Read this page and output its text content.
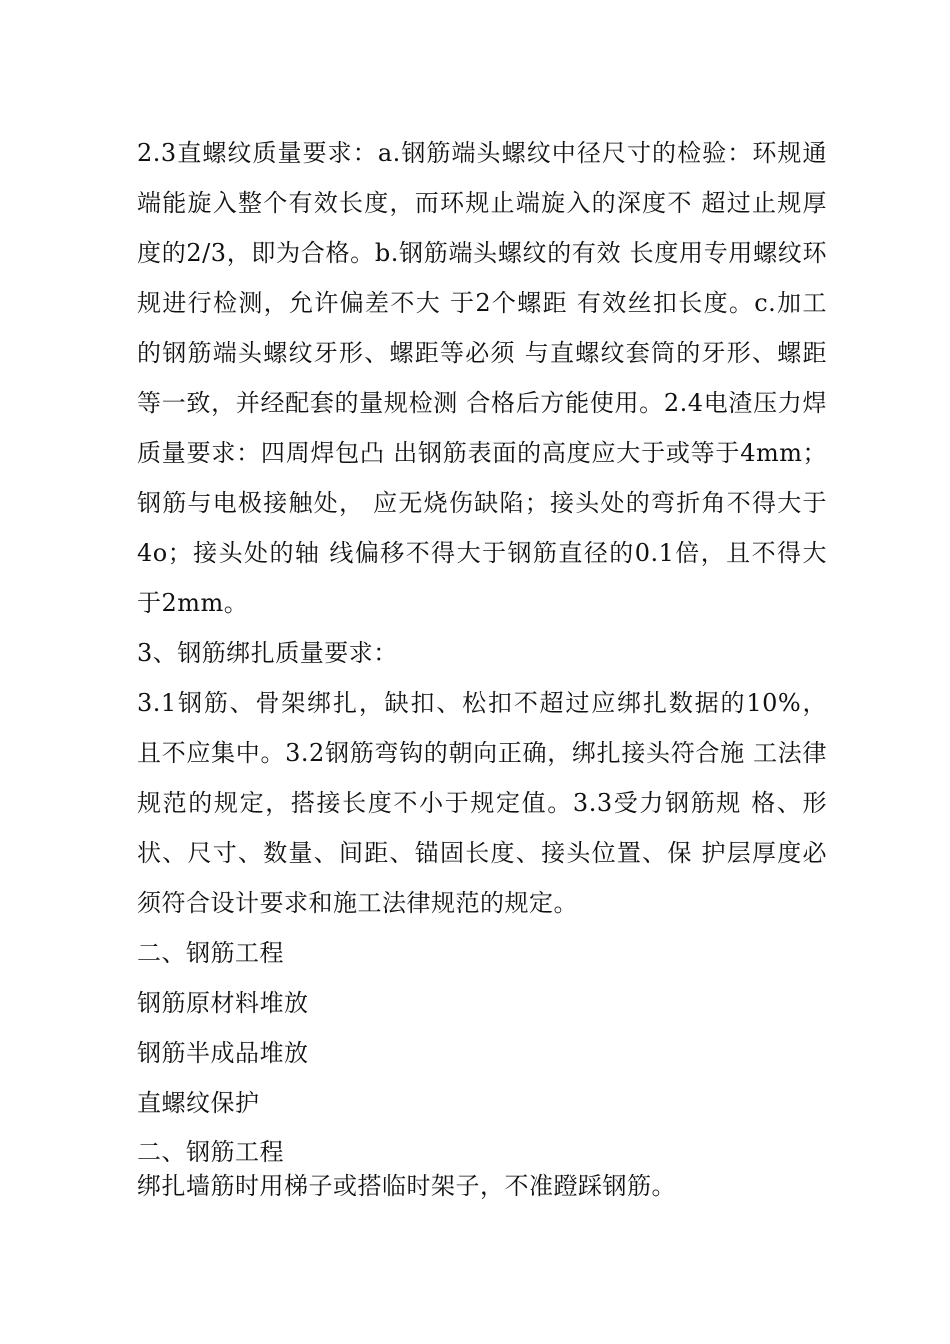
2.3直螺纹质量要求：a.钢筋端头螺纹中径尺寸的检验：环规通端能旋入整个有效长度，而环规止端旋入的深度不 超过止规厚度的2/3，即为合格。b.钢筋端头螺纹的有效 长度用专用螺纹环规进行检测，允许偏差不大 于2个螺距 有效丝扣长度。c.加工的钢筋端头螺纹牙形、螺距等必须 与直螺纹套筒的牙形、螺距等一致，并经配套的量规检测 合格后方能使用。2.4电渣压力焊质量要求：四周焊包凸 出钢筋表面的高度应大于或等于4mm；钢筋与电极接触处， 应无烧伤缺陷；接头处的弯折角不得大于4o；接头处的轴 线偏移不得大于钢筋直径的0.1倍，且不得大于2mm。

3、钢筋绑扎质量要求：

3.1钢筋、骨架绑扎，缺扣、松扣不超过应绑扎数据的10%， 且不应集中。3.2钢筋弯钩的朝向正确，绑扎接头符合施 工法律规范的规定，搭接长度不小于规定值。3.3受力钢筋规 格、形状、尺寸、数量、间距、锚固长度、接头位置、保 护层厚度必须符合设计要求和施工法律规范的规定。

二、钢筋工程

钢筋原材料堆放

钢筋半成品堆放

直螺纹保护

二、钢筋工程

绑扎墙筋时用梯子或搭临时架子，不准蹬踩钢筋。
